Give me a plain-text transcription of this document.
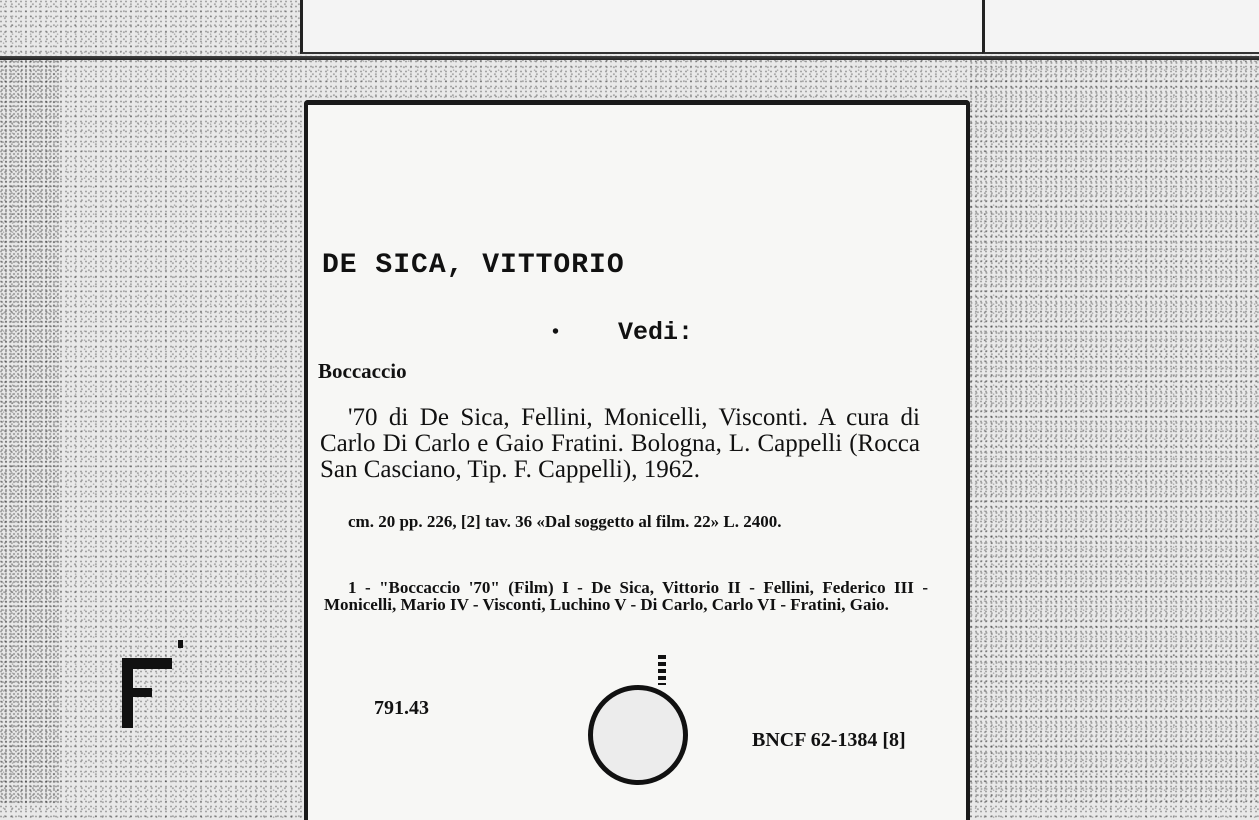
DE SICA, VITTORIO
• Vedi:
Boccaccio
'70 di De Sica, Fellini, Monicelli, Visconti. A cura di Carlo Di Carlo e Gaio Fratini. Bologna, L. Cappelli (Rocca San Casciano, Tip. F. Cappelli), 1962.
cm. 20 pp. 226, [2] tav. 36 «Dal soggetto al film. 22» L. 2400.
1 - "Boccaccio '70" (Film) I - De Sica, Vittorio II - Fellini, Federico III - Monicelli, Mario IV - Visconti, Luchino V - Di Carlo, Carlo VI - Fratini, Gaio.
791.43
BNCF 62-1384 [8]
